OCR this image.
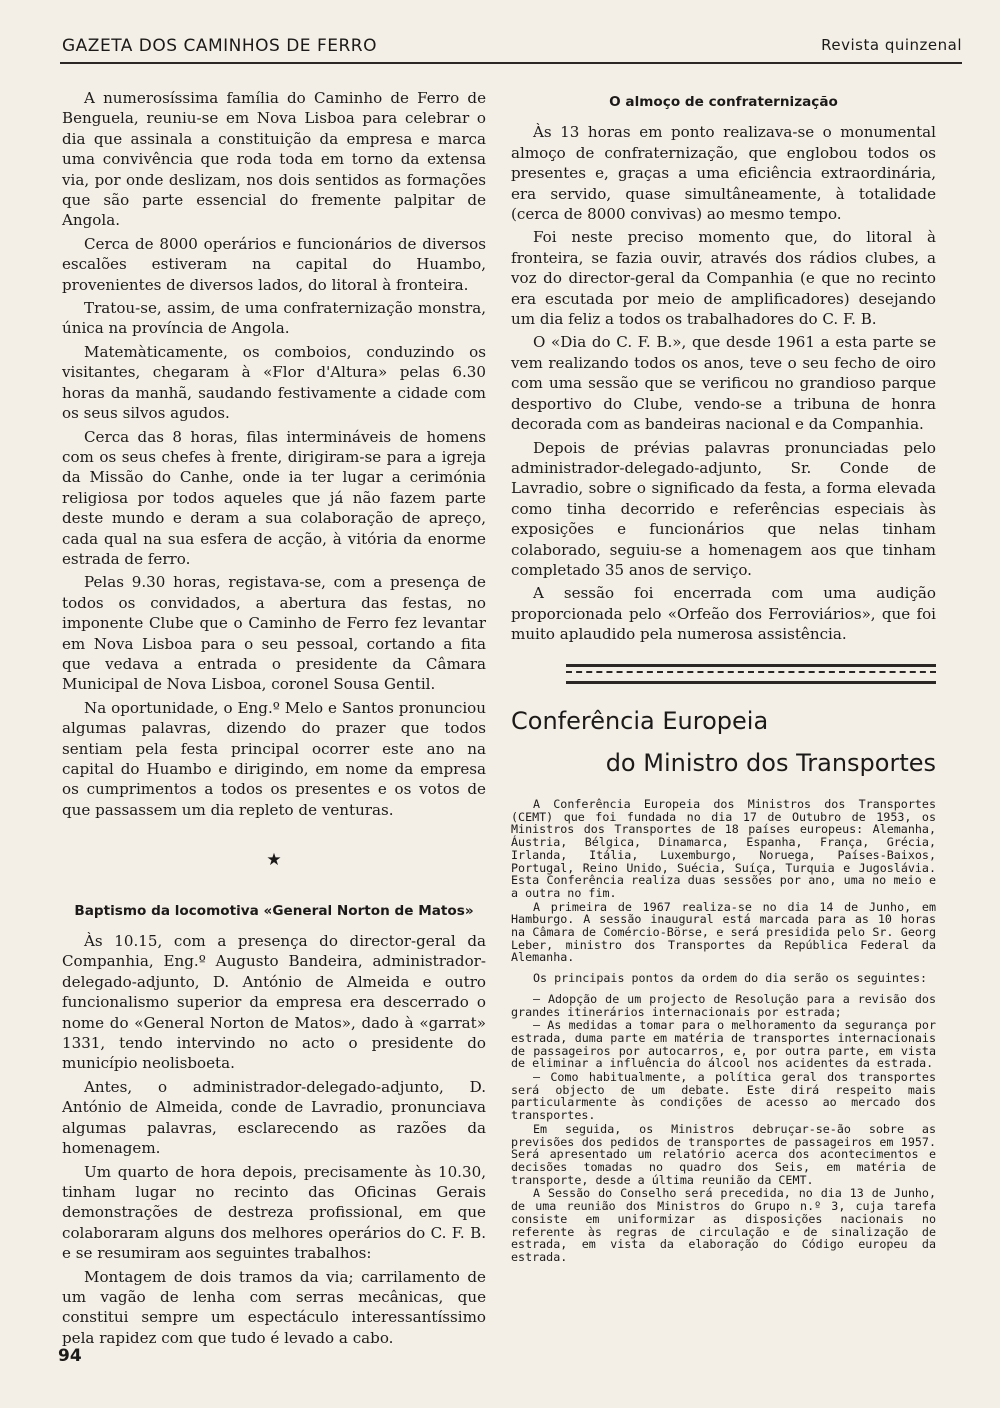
GAZETA DOS CAMINHOS DE FERRO	Revista quinzenal

A numerosíssima família do Caminho de Ferro de Benguela, reuniu-se em Nova Lisboa para celebrar o dia que assinala a constituição da empresa e marca uma convivência que roda toda em torno da extensa via, por onde deslizam, nos dois sentidos as formações que são parte essencial do fremente palpitar de Angola.

Cerca de 8000 operários e funcionários de diversos escalões estiveram na capital do Huambo, provenientes de diversos lados, do litoral à fronteira.

Tratou-se, assim, de uma confraternização monstra, única na província de Angola.

Matemàticamente, os comboios, conduzindo os visitantes, chegaram à «Flor d'Altura» pelas 6.30 horas da manhã, saudando festivamente a cidade com os seus silvos agudos.

Cerca das 8 horas, filas intermináveis de homens com os seus chefes à frente, dirigiram-se para a igreja da Missão do Canhe, onde ia ter lugar a cerimónia religiosa por todos aqueles que já não fazem parte deste mundo e deram a sua colaboração de apreço, cada qual na sua esfera de acção, à vitória da enorme estrada de ferro.

Pelas 9.30 horas, registava-se, com a presença de todos os convidados, a abertura das festas, no imponente Clube que o Caminho de Ferro fez levantar em Nova Lisboa para o seu pessoal, cortando a fita que vedava a entrada o presidente da Câmara Municipal de Nova Lisboa, coronel Sousa Gentil.

Na oportunidade, o Eng.º Melo e Santos pronunciou algumas palavras, dizendo do prazer que todos sentiam pela festa principal ocorrer este ano na capital do Huambo e dirigindo, em nome da empresa os cumprimentos a todos os presentes e os votos de que passassem um dia repleto de venturas.

★
Baptismo da locomotiva «General Norton de Matos»

Às 10.15, com a presença do director-geral da Companhia, Eng.º Augusto Bandeira, administrador-delegado-adjunto, D. António de Almeida e outro funcionalismo superior da empresa era descerrado o nome do «General Norton de Matos», dado à «garrat» 1331, tendo intervindo no acto o presidente do município neolisboeta.

Antes, o administrador-delegado-adjunto, D. António de Almeida, conde de Lavradio, pronunciava algumas palavras, esclarecendo as razões da homenagem.

Um quarto de hora depois, precisamente às 10.30, tinham lugar no recinto das Oficinas Gerais demonstrações de destreza profissional, em que colaboraram alguns dos melhores operários do C. F. B. e se resumiram aos seguintes trabalhos:

Montagem de dois tramos da via; carrilamento de um vagão de lenha com serras mecânicas, que constitui sempre um espectáculo interessantíssimo pela rapidez com que tudo é levado a cabo.

O almoço de confraternização

Às 13 horas em ponto realizava-se o monumental almoço de confraternização, que englobou todos os presentes e, graças a uma eficiência extraordinária, era servido, quase simultâneamente, à totalidade (cerca de 8000 convivas) ao mesmo tempo.

Foi neste preciso momento que, do litoral à fronteira, se fazia ouvir, através dos rádios clubes, a voz do director-geral da Companhia (e que no recinto era escutada por meio de amplificadores) desejando um dia feliz a todos os trabalhadores do C. F. B.

O «Dia do C. F. B.», que desde 1961 a esta parte se vem realizando todos os anos, teve o seu fecho de oiro com uma sessão que se verificou no grandioso parque desportivo do Clube, vendo-se a tribuna de honra decorada com as bandeiras nacional e da Companhia.

Depois de prévias palavras pronunciadas pelo administrador-delegado-adjunto, Sr. Conde de Lavradio, sobre o significado da festa, a forma elevada como tinha decorrido e referências especiais às exposições e funcionários que nelas tinham colaborado, seguiu-se a homenagem aos que tinham completado 35 anos de serviço.

A sessão foi encerrada com uma audição proporcionada pelo «Orfeão dos Ferroviários», que foi muito aplaudido pela numerosa assistência.

Conferência Europeia
do Ministro dos Transportes

A Conferência Europeia dos Ministros dos Transportes (CEMT) que foi fundada no dia 17 de Outubro de 1953, os Ministros dos Transportes de 18 países europeus: Alemanha, Áustria, Bélgica, Dinamarca, Espanha, França, Grécia, Irlanda, Itália, Luxemburgo, Noruega, Países-Baixos, Portugal, Reino Unido, Suécia, Suíça, Turquia e Jugoslávia. Esta Conferência realiza duas sessões por ano, uma no meio e a outra no fim.

A primeira de 1967 realiza-se no dia 14 de Junho, em Hamburgo. A sessão inaugural está marcada para as 10 horas na Câmara de Comércio-Börse, e será presidida pelo Sr. Georg Leber, ministro dos Transportes da República Federal da Alemanha.

Os principais pontos da ordem do dia serão os seguintes:

— Adopção de um projecto de Resolução para a revisão dos grandes itinerários internacionais por estrada;

— As medidas a tomar para o melhoramento da segurança por estrada, duma parte em matéria de transportes internacionais de passageiros por autocarros, e, por outra parte, em vista de eliminar a influência do álcool nos acidentes da estrada.

— Como habitualmente, a política geral dos transportes será objecto de um debate. Este dirá respeito mais particularmente às condições de acesso ao mercado dos transportes.

Em seguida, os Ministros debruçar-se-ão sobre as previsões dos pedidos de transportes de passageiros em 1957. Será apresentado um relatório acerca dos acontecimentos e decisões tomadas no quadro dos Seis, em matéria de transporte, desde a última reunião da CEMT.

A Sessão do Conselho será precedida, no dia 13 de Junho, de uma reunião dos Ministros do Grupo n.º 3, cuja tarefa consiste em uniformizar as disposições nacionais no referente às regras de circulação e de sinalização de estrada, em vista da elaboração do Código europeu da estrada.

94
